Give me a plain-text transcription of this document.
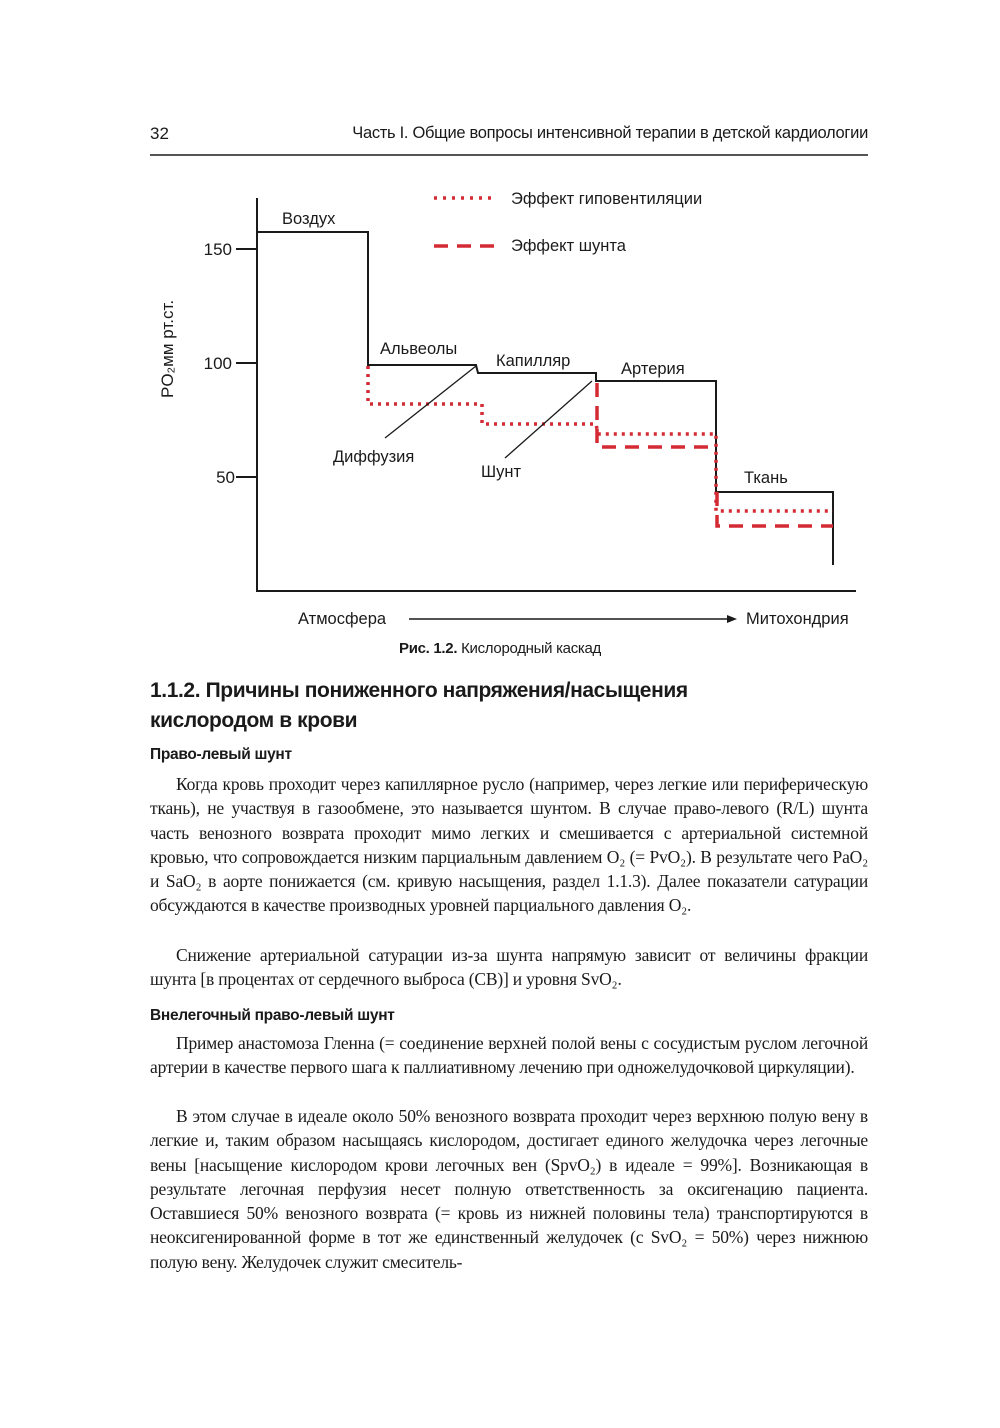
32	Часть I. Общие вопросы интенсивной терапии в детской кардиологии
150
100
50
PO₂мм рт.ст.
Воздух
Альвеолы
Капилляр	Артерия
Ткань
Диффузия
Шунт
Эффект гиповентиляции
Эффект шунта
Атмосфера	Митохондрия
Рис. 1.2. Кислородный каскад
1.1.2. Причины пониженного напряжения/насыщения
кислородом в крови
Право-левый шунт
Когда кровь проходит через капиллярное русло (например, через легкие или периферическую ткань), не участвуя в газообмене, это называется шунтом. В случае право-левого (R/L) шунта часть венозного возврата проходит мимо легких и смешивается с артериальной системной кровью, что сопровождается низким парциальным давлением O₂ (= PvO₂). В результате чего PaO₂ и SaO₂ в аорте понижается (см. кривую насыщения, раздел 1.1.3). Далее показатели сатурации обсуждаются в качестве производных уровней парциального давления O₂.
Снижение артериальной сатурации из-за шунта напрямую зависит от величины фракции шунта [в процентах от сердечного выброса (СВ)] и уровня SvO₂.
Внелегочный право-левый шунт
Пример анастомоза Гленна (= соединение верхней полой вены с сосудистым руслом легочной артерии в качестве первого шага к паллиативному лечению при одножелудочковой циркуляции).
В этом случае в идеале около 50% венозного возврата проходит через верхнюю полую вену в легкие и, таким образом насыщаясь кислородом, достигает единого желудочка через легочные вены [насыщение кислородом крови легочных вен (SpvO₂) в идеале = 99%]. Возникающая в результате легочная перфузия несет полную ответственность за оксигенацию пациента. Оставшиеся 50% венозного возврата (= кровь из нижней половины тела) транспортируются в неоксигенированной форме в тот же единственный желудочек (с SvO₂ = 50%) через нижнюю полую вену. Желудочек служит смеситель-
